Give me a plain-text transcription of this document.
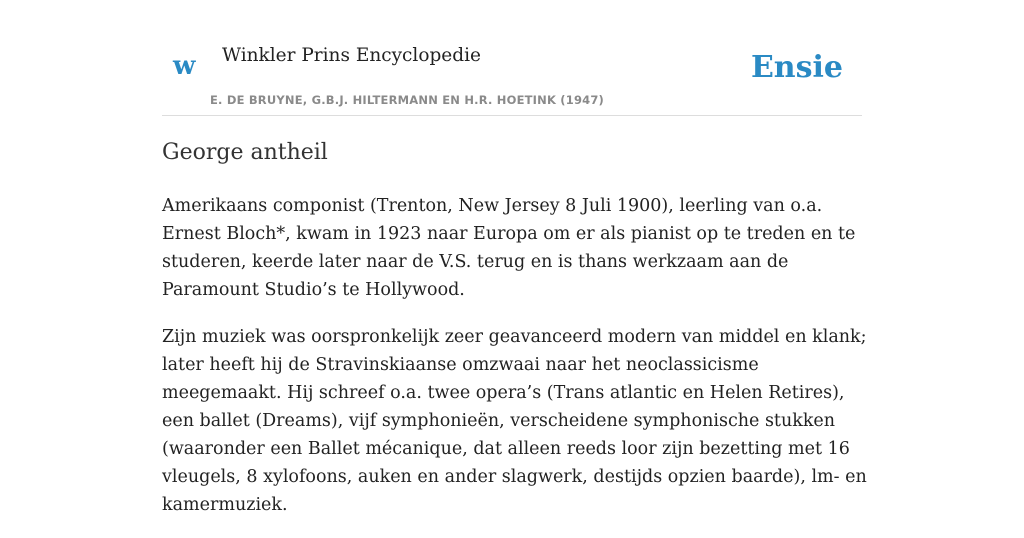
w Winkler Prins Encyclopedie
E. DE BRUYNE, G.B.J. HILTERMANN EN H.R. HOETINK (1947)
Ensie
George antheil

Amerikaans componist (Trenton, New Jersey 8 Juli 1900), leerling van o.a. Ernest Bloch*, kwam in 1923 naar Europa om er als pianist op te treden en te studeren, keerde later naar de V.S. terug en is thans werkzaam aan de Paramount Studio’s te Hollywood.

Zijn muziek was oorspronkelijk zeer geavanceerd modern van middel en klank; later heeft hij de Stravinskiaanse omzwaai naar het neoclassicisme meegemaakt. Hij schreef o.a. twee opera’s (Trans atlantic en Helen Retires), een ballet (Dreams), vijf symphonieën, verscheidene symphonische stukken (waaronder een Ballet mécanique, dat alleen reeds loor zijn bezetting met 16 vleugels, 8 xylofoons, auken en ander slagwerk, destijds opzien baarde), lm- en kamermuziek.
